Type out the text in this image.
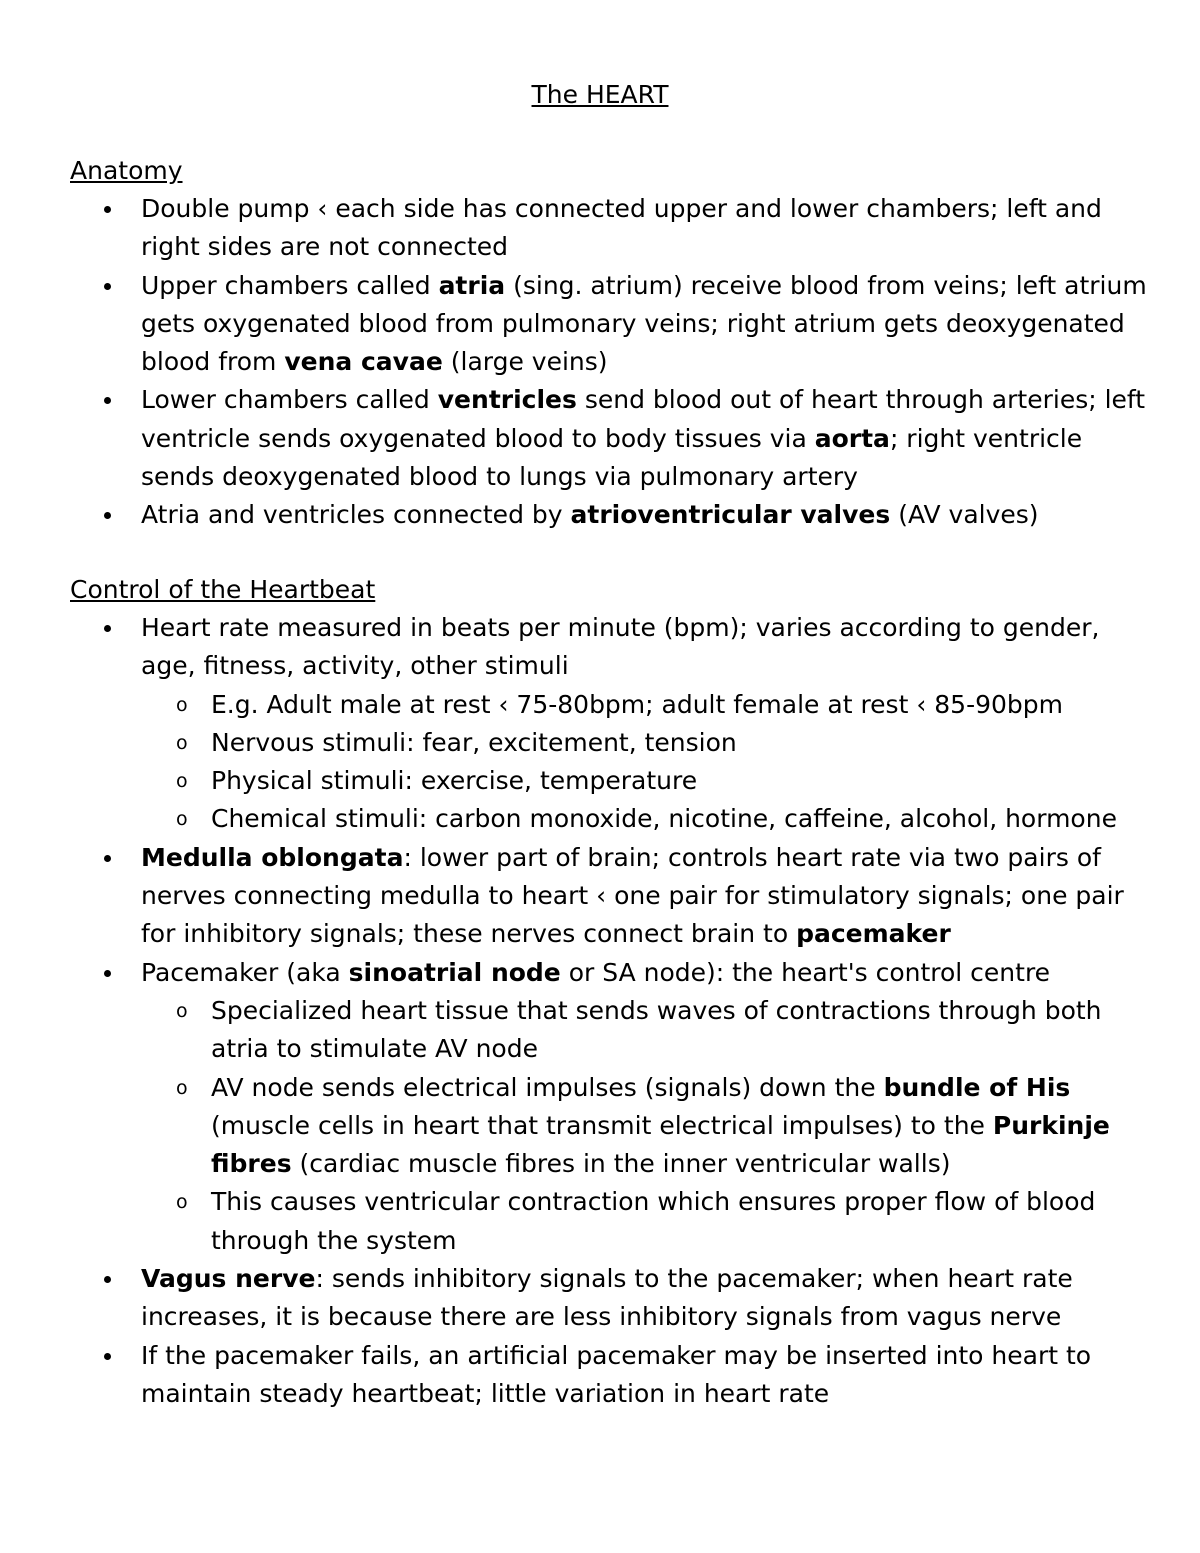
The HEART
Anatomy
Double pump ‹ each side has connected upper and lower chambers; left and right sides are not connected
Upper chambers called atria (sing. atrium) receive blood from veins; left atrium gets oxygenated blood from pulmonary veins; right atrium gets deoxygenated blood from vena cavae (large veins)
Lower chambers called ventricles send blood out of heart through arteries; left ventricle sends oxygenated blood to body tissues via aorta; right ventricle sends deoxygenated blood to lungs via pulmonary artery
Atria and ventricles connected by atrioventricular valves (AV valves)
Control of the Heartbeat
Heart rate measured in beats per minute (bpm); varies according to gender, age, fitness, activity, other stimuli
o E.g. Adult male at rest ‹ 75-80bpm; adult female at rest ‹ 85-90bpm
o Nervous stimuli: fear, excitement, tension
o Physical stimuli: exercise, temperature
o Chemical stimuli: carbon monoxide, nicotine, caffeine, alcohol, hormone
Medulla oblongata: lower part of brain; controls heart rate via two pairs of nerves connecting medulla to heart ‹ one pair for stimulatory signals; one pair for inhibitory signals; these nerves connect brain to pacemaker
Pacemaker (aka sinoatrial node or SA node): the heart's control centre
o Specialized heart tissue that sends waves of contractions through both atria to stimulate AV node
o AV node sends electrical impulses (signals) down the bundle of His (muscle cells in heart that transmit electrical impulses) to the Purkinje fibres (cardiac muscle fibres in the inner ventricular walls)
o This causes ventricular contraction which ensures proper flow of blood through the system
Vagus nerve: sends inhibitory signals to the pacemaker; when heart rate increases, it is because there are less inhibitory signals from vagus nerve
If the pacemaker fails, an artificial pacemaker may be inserted into heart to maintain steady heartbeat; little variation in heart rate
